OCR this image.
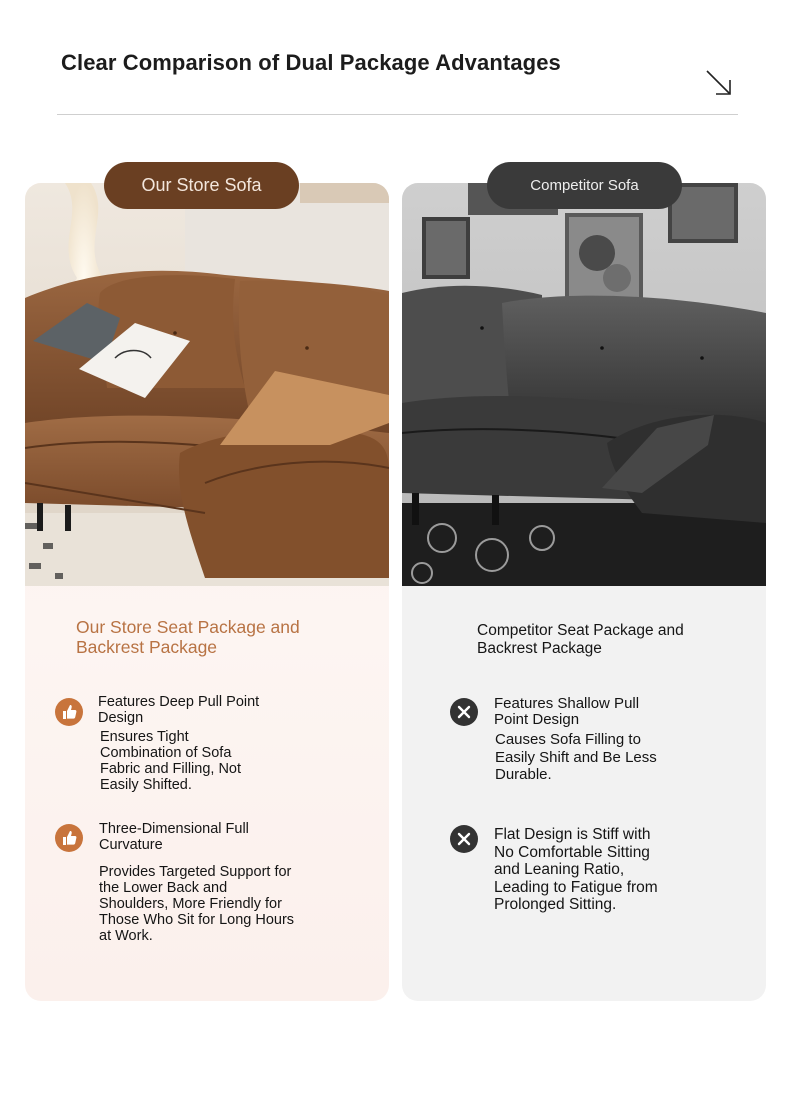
Clear Comparison of Dual Package Advantages
Our Store Sofa	Competitor Sofa
Our Store Seat Package and Backrest Package
Features Deep Pull Point Design
Ensures Tight Combination of Sofa Fabric and Filling, Not Easily Shifted.
Three-Dimensional Full Curvature
Provides Targeted Support for the Lower Back and Shoulders, More Friendly for Those Who Sit for Long Hours at Work.
Competitor Seat Package and Backrest Package
Features Shallow Pull Point Design
Causes Sofa Filling to Easily Shift and Be Less Durable.
Flat Design is Stiff with No Comfortable Sitting and Leaning Ratio, Leading to Fatigue from Prolonged Sitting.
